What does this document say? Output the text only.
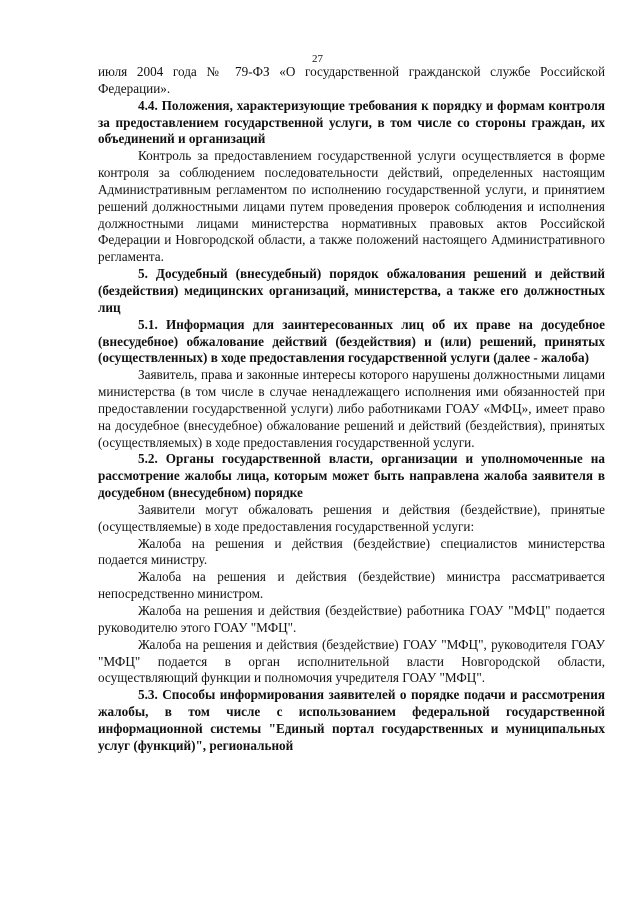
27

июля 2004 года № 79-ФЗ «О государственной гражданской службе Российской Федерации».

4.4. Положения, характеризующие требования к порядку и формам контроля за предоставлением государственной услуги, в том числе со стороны граждан, их объединений и организаций

Контроль за предоставлением государственной услуги осуществляется в форме контроля за соблюдением последовательности действий, определенных настоящим Административным регламентом по исполнению государственной услуги, и принятием решений должностными лицами путем проведения проверок соблюдения и исполнения должностными лицами министерства нормативных правовых актов Российской Федерации и Новгородской области, а также положений настоящего Административного регламента.

5. Досудебный (внесудебный) порядок обжалования решений и действий (бездействия) медицинских организаций, министерства, а также его должностных лиц

5.1. Информация для заинтересованных лиц об их праве на досудебное (внесудебное) обжалование действий (бездействия) и (или) решений, принятых (осуществленных) в ходе предоставления государственной услуги (далее - жалоба)

Заявитель, права и законные интересы которого нарушены должностными лицами министерства (в том числе в случае ненадлежащего исполнения ими обязанностей при предоставлении государственной услуги) либо работниками ГОАУ «МФЦ», имеет право на досудебное (внесудебное) обжалование решений и действий (бездействия), принятых (осуществляемых) в ходе предоставления государственной услуги.

5.2. Органы государственной власти, организации и уполномоченные на рассмотрение жалобы лица, которым может быть направлена жалоба заявителя в досудебном (внесудебном) порядке

Заявители могут обжаловать решения и действия (бездействие), принятые (осуществляемые) в ходе предоставления государственной услуги:

Жалоба на решения и действия (бездействие) специалистов министерства подается министру.

Жалоба на решения и действия (бездействие) министра рассматривается непосредственно министром.

Жалоба на решения и действия (бездействие) работника ГОАУ "МФЦ" подается руководителю этого ГОАУ "МФЦ".

Жалоба на решения и действия (бездействие) ГОАУ "МФЦ", руководителя ГОАУ "МФЦ" подается в орган исполнительной власти Новгородской области, осуществляющий функции и полномочия учредителя ГОАУ "МФЦ".

5.3. Способы информирования заявителей о порядке подачи и рассмотрения жалобы, в том числе с использованием федеральной государственной информационной системы "Единый портал государственных и муниципальных услуг (функций)", региональной
